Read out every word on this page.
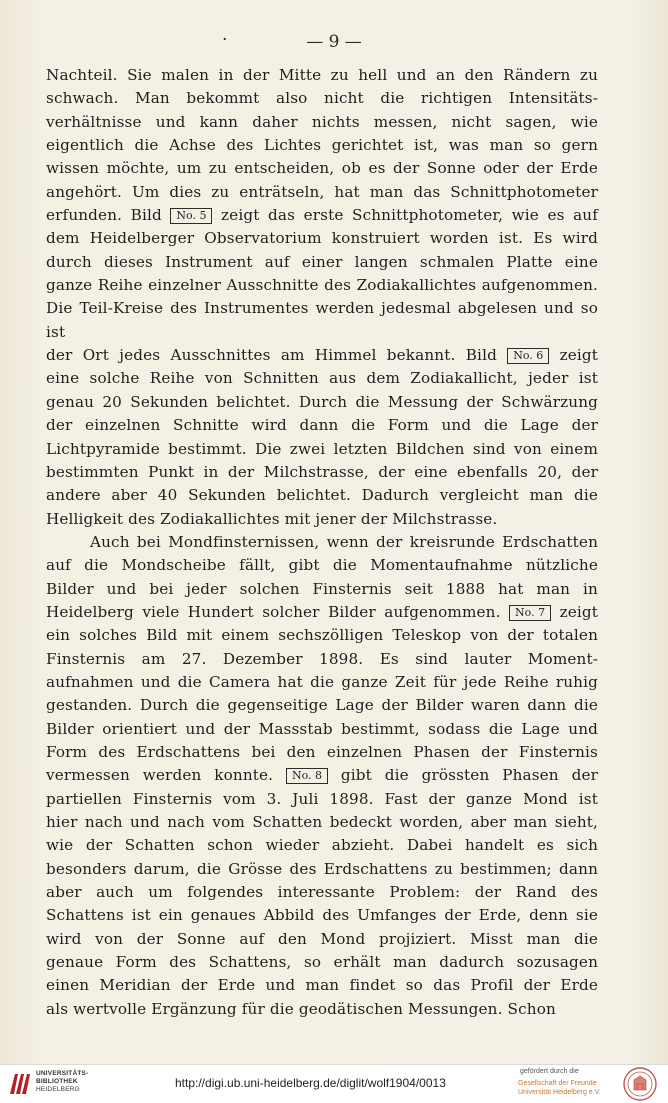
·	— 9 —

Nachteil. Sie malen in der Mitte zu hell und an den Rändern zu

schwach. Man bekommt also nicht die richtigen Intensitäts-

verhältnisse und kann daher nichts messen, nicht sagen, wie

eigentlich die Achse des Lichtes gerichtet ist, was man so gern

wissen möchte, um zu entscheiden, ob es der Sonne oder der Erde

angehört. Um dies zu enträtseln, hat man das Schnittphotometer

erfunden. Bild No. 5 zeigt das erste Schnittphotometer, wie es auf

dem Heidelberger Observatorium konstruiert worden ist. Es wird

durch dieses Instrument auf einer langen schmalen Platte eine

ganze Reihe einzelner Ausschnitte des Zodiakallichtes aufgenommen.

Die Teil-Kreise des Instrumentes werden jedesmal abgelesen und so ist

der Ort jedes Ausschnittes am Himmel bekannt. Bild No. 6 zeigt

eine solche Reihe von Schnitten aus dem Zodiakallicht, jeder ist

genau 20 Sekunden belichtet. Durch die Messung der Schwärzung

der einzelnen Schnitte wird dann die Form und die Lage der

Lichtpyramide bestimmt. Die zwei letzten Bildchen sind von einem

bestimmten Punkt in der Milchstrasse, der eine ebenfalls 20, der

andere aber 40 Sekunden belichtet. Dadurch vergleicht man die

Helligkeit des Zodiakallichtes mit jener der Milchstrasse.

Auch bei Mondfinsternissen, wenn der kreisrunde Erdschatten

auf die Mondscheibe fällt, gibt die Momentaufnahme nützliche

Bilder und bei jeder solchen Finsternis seit 1888 hat man in

Heidelberg viele Hundert solcher Bilder aufgenommen. No. 7 zeigt

ein solches Bild mit einem sechszölligen Teleskop von der totalen

Finsternis am 27. Dezember 1898. Es sind lauter Moment-

aufnahmen und die Camera hat die ganze Zeit für jede Reihe ruhig

gestanden. Durch die gegenseitige Lage der Bilder waren dann die

Bilder orientiert und der Massstab bestimmt, sodass die Lage und

Form des Erdschattens bei den einzelnen Phasen der Finsternis

vermessen werden konnte. No. 8 gibt die grössten Phasen der

partiellen Finsternis vom 3. Juli 1898. Fast der ganze Mond ist

hier nach und nach vom Schatten bedeckt worden, aber man sieht,

wie der Schatten schon wieder abzieht. Dabei handelt es sich

besonders darum, die Grösse des Erdschattens zu bestimmen; dann

aber auch um folgendes interessante Problem: der Rand des

Schattens ist ein genaues Abbild des Umfanges der Erde, denn sie

wird von der Sonne auf den Mond projiziert. Misst man die

genaue Form des Schattens, so erhält man dadurch sozusagen

einen Meridian der Erde und man findet so das Profil der Erde

als wertvolle Ergänzung für die geodätischen Messungen. Schon

UNIVERSITÄTS-
BIBLIOTHEK
HEIDELBERG	http://digi.ub.uni-heidelberg.de/diglit/wolf1904/0013
gefördert durch die
Gesellschaft der Freunde
Universität Heidelberg e.V.
